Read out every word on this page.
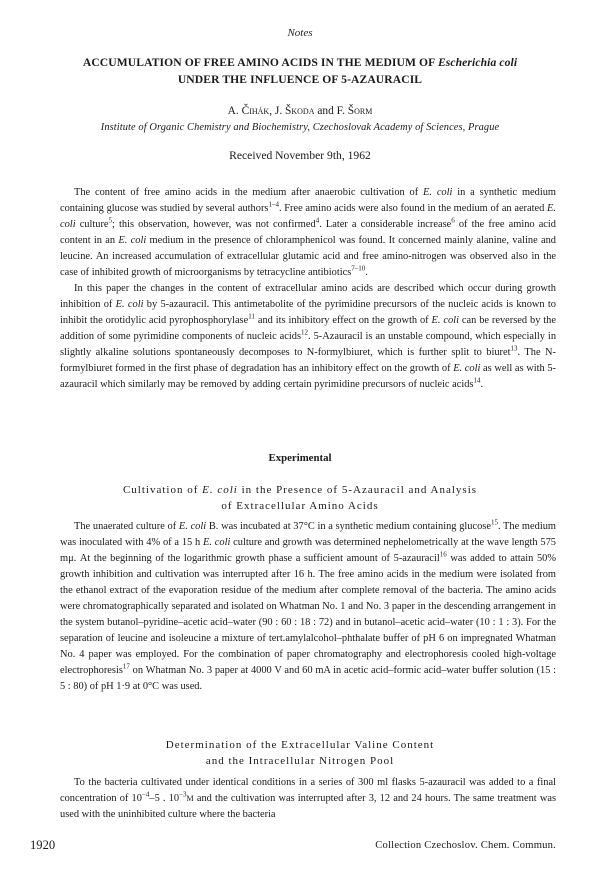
Notes
ACCUMULATION OF FREE AMINO ACIDS IN THE MEDIUM OF Escherichia coli
UNDER THE INFLUENCE OF 5-AZAURACIL
A. Čihák, J. Škoda and F. Šorm
Institute of Organic Chemistry and Biochemistry, Czechoslovak Academy of Sciences, Prague
Received November 9th, 1962

The content of free amino acids in the medium after anaerobic cultivation of E. coli in a synthetic medium containing glucose was studied by several authors$^{1-4}$. Free amino acids were also found in the medium of an aerated E. coli culture$^5$; this observation, however, was not confirmed$^4$. Later a considerable increase$^6$ of the free amino acid content in an E. coli medium in the presence of chloramphenicol was found. It concerned mainly alanine, valine and leucine. An increased accumulation of extracellular glutamic acid and free amino-nitrogen was observed also in the case of inhibited growth of microorganisms by tetracycline antibiotics$^{7-10}$.

In this paper the changes in the content of extracellular amino acids are described which occur during growth inhibition of E. coli by 5-azauracil. This antimetabolite of the pyrimidine precursors of the nucleic acids is known to inhibit the orotidylic acid pyrophosphorylase$^{11}$ and its inhibitory effect on the growth of E. coli can be reversed by the addition of some pyrimidine components of nucleic acids$^{12}$. 5-Azauracil is an unstable compound, which especially in slightly alkaline solutions spontaneously decomposes to N-formylbiuret, which is further split to biuret$^{13}$. The N-formylbiuret formed in the first phase of degradation has an inhibitory effect on the growth of E. coli as well as with 5-azauracil which similarly may be removed by adding certain pyrimidine precursors of nucleic acids$^{14}$.

Experimental
Cultivation of E. coli in the Presence of 5-Azauracil and Analysis
of Extracellular Amino Acids

The unaerated culture of E. coli B. was incubated at 37°C in a synthetic medium containing glucose$^{15}$. The medium was inoculated with 4% of a 15 h E. coli culture and growth was determined nephelometrically at the wave length 575 mμ. At the beginning of the logarithmic growth phase a sufficient amount of 5-azauracil$^{16}$ was added to attain 50% growth inhibition and cultivation was interrupted after 16 h. The free amino acids in the medium were isolated from the ethanol extract of the evaporation residue of the medium after complete removal of the bacteria. The amino acids were chromatographically separated and isolated on Whatman No. 1 and No. 3 paper in the descending arrangement in the system butanol–pyridine–acetic acid–water (90 : 60 : 18 : 72) and in butanol–acetic acid–water (10 : 1 : 3). For the separation of leucine and isoleucine a mixture of tert.amylalcohol–phthalate buffer of pH 6 on impregnated Whatman No. 4 paper was employed. For the combination of paper chromatography and electrophoresis cooled high-voltage electrophoresis$^{17}$ on Whatman No. 3 paper at 4000 V and 60 mA in acetic acid–formic acid–water buffer solution (15 : 5 : 80) of pH 1·9 at 0°C was used.

Determination of the Extracellular Valine Content
and the Intracellular Nitrogen Pool

To the bacteria cultivated under identical conditions in a series of 300 ml flasks 5-azauracil was added to a final concentration of $10^{-4}-5$ . $10^{-3}M$ and the cultivation was interrupted after 3, 12 and 24 hours. The same treatment was used with the uninhibited culture where the bacteria

1920	Collection Czechoslov. Chem. Commun.
